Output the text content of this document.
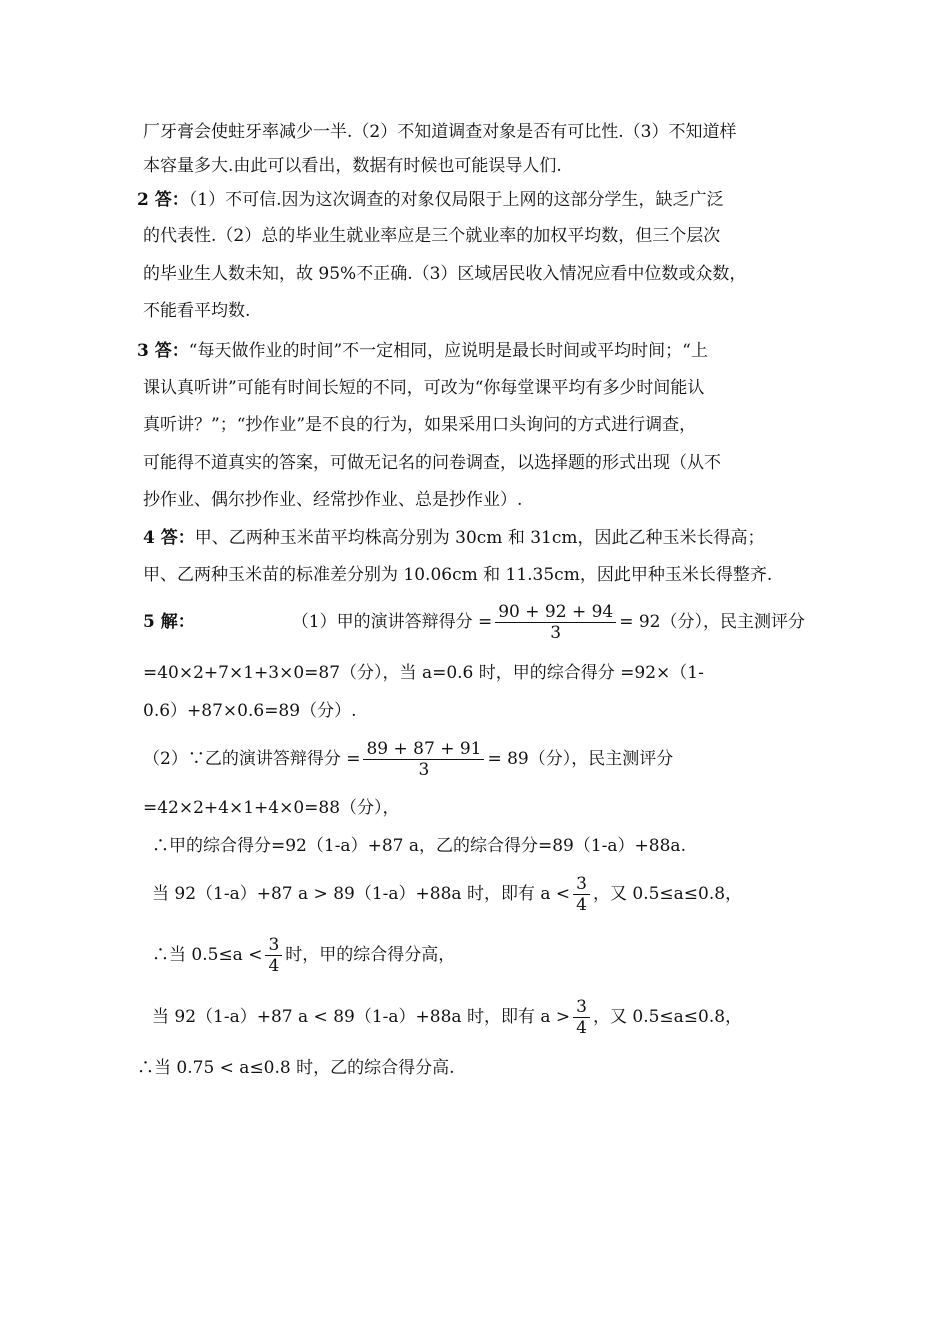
厂牙膏会使蛀牙率减少一半.（2）不知道调查对象是否有可比性.（3）不知道样
本容量多大.由此可以看出，数据有时候也可能误导人们.
2 答：（1）不可信.因为这次调查的对象仅局限于上网的这部分学生，缺乏广泛
的代表性.（2）总的毕业生就业率应是三个就业率的加权平均数，但三个层次
的毕业生人数未知，故 95%不正确.（3）区域居民收入情况应看中位数或众数，
不能看平均数.
3 答：“每天做作业的时间”不一定相同，应说明是最长时间或平均时间；“上
课认真听讲”可能有时间长短的不同，可改为“你每堂课平均有多少时间能认
真听讲？”；“抄作业”是不良的行为，如果采用口头询问的方式进行调查，
可能得不道真实的答案，可做无记名的问卷调查，以选择题的形式出现（从不
抄作业、偶尔抄作业、经常抄作业、总是抄作业）.
4 答：甲、乙两种玉米苗平均株高分别为 30cm 和 31cm，因此乙种玉米长得高；
甲、乙两种玉米苗的标准差分别为 10.06cm 和 11.35cm，因此甲种玉米长得整齐.
5 解：	（1）甲的演讲答辩得分 = $\frac{90 + 92 + 94}{3} = 92$（分），民主测评分
=40×2+7×1+3×0=87（分），当 a=0.6 时，甲的综合得分 =92×（1-
0.6）+87×0.6=89（分）.
（2）∵乙的演讲答辩得分 = $\frac{89 + 87 + 91}{3} = 89$（分），民主测评分
=42×2+4×1+4×0=88（分），
∴甲的综合得分=92（1-a）+87 a，乙的综合得分=89（1-a）+88a.
当 92（1-a）+87 a > 89（1-a）+88a 时，即有 $a < \frac{3}{4}$ ，又 0.5≤a≤0.8，
∴当 $0.5\le a < \frac{3}{4}$ 时，甲的综合得分高，
当 92（1-a）+87 a < 89（1-a）+88a 时，即有 $a > \frac{3}{4}$ ，又 0.5≤a≤0.8，
∴当 0.75 < a≤0.8 时，乙的综合得分高.
